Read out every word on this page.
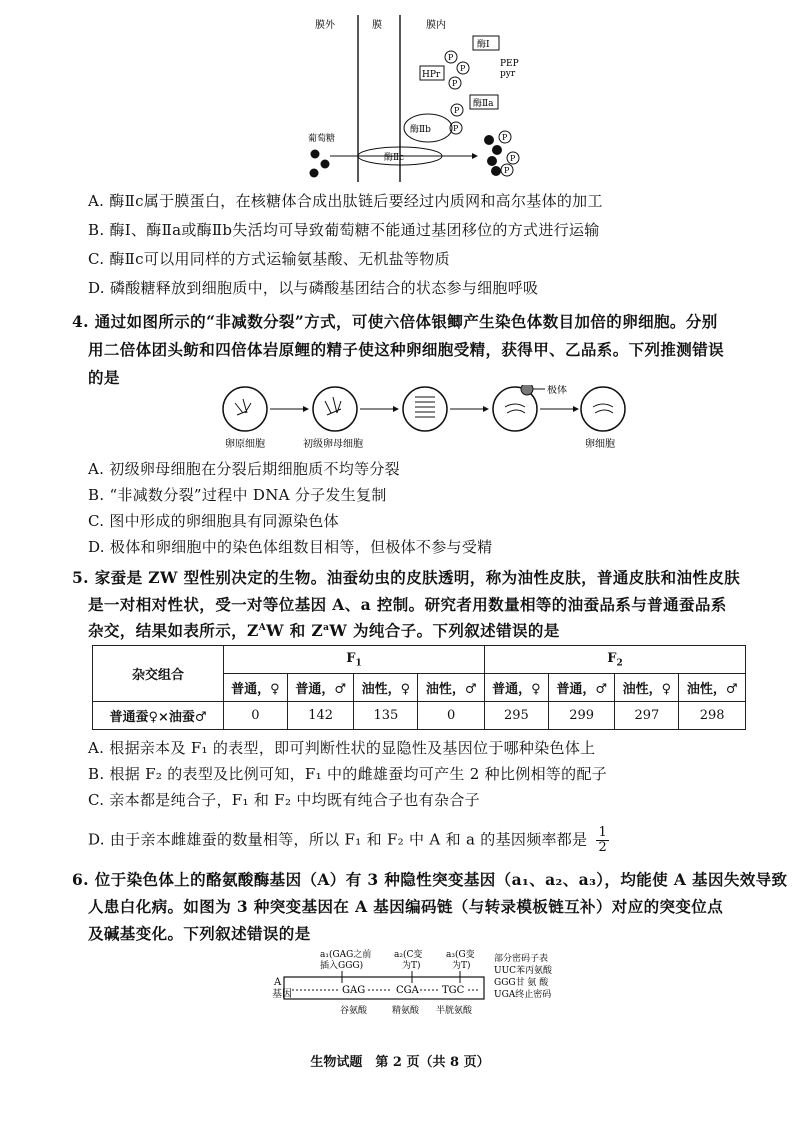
膜外	膜	膜内
酶Ⅰ
PEP
pyr
HPr
酶Ⅱa
酶Ⅱb
酶Ⅱc
葡萄糖
P
P
P
P
P
P
P
P
A. 酶Ⅱc属于膜蛋白，在核糖体合成出肽链后要经过内质网和高尔基体的加工
B. 酶Ⅰ、酶Ⅱa或酶Ⅱb失活均可导致葡萄糖不能通过基团移位的方式进行运输
C. 酶Ⅱc可以用同样的方式运输氨基酸、无机盐等物质
D. 磷酸糖释放到细胞质中，以与磷酸基团结合的状态参与细胞呼吸
4. 通过如图所示的“非减数分裂”方式，可使六倍体银鲫产生染色体数目加倍的卵细胞。分别
用二倍体团头鲂和四倍体岩原鲤的精子使这种卵细胞受精，获得甲、乙品系。下列推测错误
的是
极体
卵原细胞	初级卵母细胞	卵细胞
A. 初级卵母细胞在分裂后期细胞质不均等分裂
B. “非减数分裂”过程中 DNA 分子发生复制
C. 图中形成的卵细胞具有同源染色体
D. 极体和卵细胞中的染色体组数目相等，但极体不参与受精
5. 家蚕是 ZW 型性别决定的生物。油蚕幼虫的皮肤透明，称为油性皮肤，普通皮肤和油性皮肤
是一对相对性状，受一对等位基因 A、a 控制。研究者用数量相等的油蚕品系与普通蚕品系
杂交，结果如表所示，$Z^AW$ 和 $Z^aW$ 为纯合子。下列叙述错误的是
杂交组合	$F_1$				$F_2$
	普通，♀	普通，♂	油性，♀	油性，♂	普通，♀	普通，♂	油性，♀	油性，♂
普通蚕♀×油蚕♂	0	142	135	0	295	299	297	298
A. 根据亲本及 F₁ 的表型，即可判断性状的显隐性及基因位于哪种染色体上
B. 根据 F₂ 的表型及比例可知，F₁ 中的雌雄蚕均可产生 2 种比例相等的配子
C. 亲本都是纯合子，F₁ 和 F₂ 中均既有纯合子也有杂合子
D. 由于亲本雌雄蚕的数量相等，所以 F₁ 和 F₂ 中 A 和 a 的基因频率都是 $\frac{1}{2}$
6. 位于染色体上的酪氨酸酶基因（A）有 3 种隐性突变基因（a₁、a₂、a₃），均能使 A 基因失效导致
人患白化病。如图为 3 种突变基因在 A 基因编码链（与转录模板链互补）对应的突变位点
及碱基变化。下列叙述错误的是
a₁(GAG之前
插入GGG)
a₂(C变
为T)
a₃(G变
为T)
A
基因	GAG	CGA TGC
谷氨酸	精氨酸 半胱氨酸
部分密码子表
UUC苯丙氨酸
GGG甘 氨 酸
UGA终止密码
生物试题　第 2 页（共 8 页）
